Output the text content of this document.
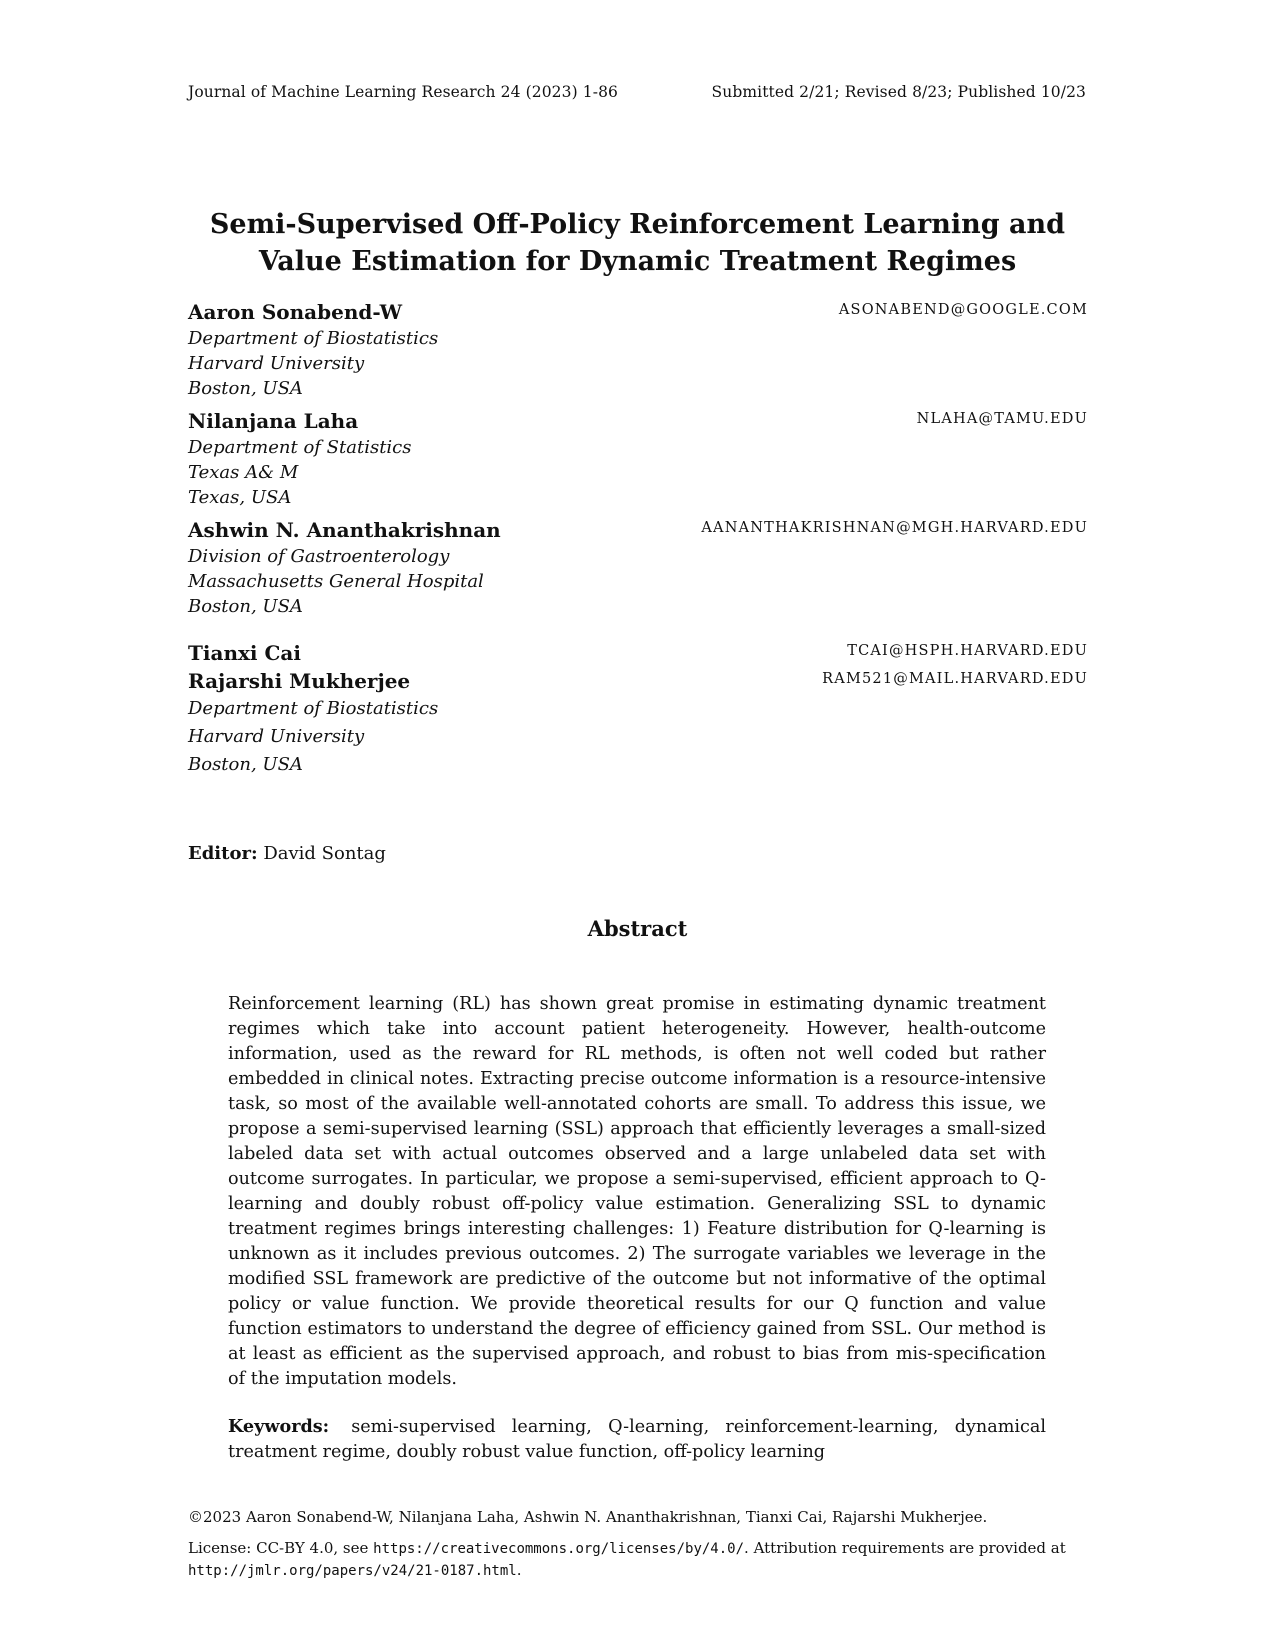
Journal of Machine Learning Research 24 (2023) 1-86	Submitted 2/21; Revised 8/23; Published 10/23
Semi-Supervised Off-Policy Reinforcement Learning and
Value Estimation for Dynamic Treatment Regimes
Aaron Sonabend-W	ASONABEND@GOOGLE.COM
Department of Biostatistics
Harvard University
Boston, USA
Nilanjana Laha	NLAHA@TAMU.EDU
Department of Statistics
Texas A& M
Texas, USA
Ashwin N. Ananthakrishnan	AANANTHAKRISHNAN@MGH.HARVARD.EDU
Division of Gastroenterology
Massachusetts General Hospital
Boston, USA
Tianxi Cai	TCAI@HSPH.HARVARD.EDU
Rajarshi Mukherjee	RAM521@MAIL.HARVARD.EDU
Department of Biostatistics
Harvard University
Boston, USA
Editor: David Sontag
Abstract
Reinforcement learning (RL) has shown great promise in estimating dynamic treatment regimes which take into account patient heterogeneity. However, health-outcome information, used as the reward for RL methods, is often not well coded but rather embedded in clinical notes. Extracting precise outcome information is a resource-intensive task, so most of the available well-annotated cohorts are small. To address this issue, we propose a semi-supervised learning (SSL) approach that efficiently leverages a small-sized labeled data set with actual outcomes observed and a large unlabeled data set with outcome surrogates. In particular, we propose a semi-supervised, efficient approach to Q-learning and doubly robust off-policy value estimation. Generalizing SSL to dynamic treatment regimes brings interesting challenges: 1) Feature distribution for Q-learning is unknown as it includes previous outcomes. 2) The surrogate variables we leverage in the modified SSL framework are predictive of the outcome but not informative of the optimal policy or value function. We provide theoretical results for our Q function and value function estimators to understand the degree of efficiency gained from SSL. Our method is at least as efficient as the supervised approach, and robust to bias from mis-specification of the imputation models.
Keywords: semi-supervised learning, Q-learning, reinforcement-learning, dynamical treatment regime, doubly robust value function, off-policy learning
©2023 Aaron Sonabend-W, Nilanjana Laha, Ashwin N. Ananthakrishnan, Tianxi Cai, Rajarshi Mukherjee.
License: CC-BY 4.0, see https://creativecommons.org/licenses/by/4.0/. Attribution requirements are provided at http://jmlr.org/papers/v24/21-0187.html.
